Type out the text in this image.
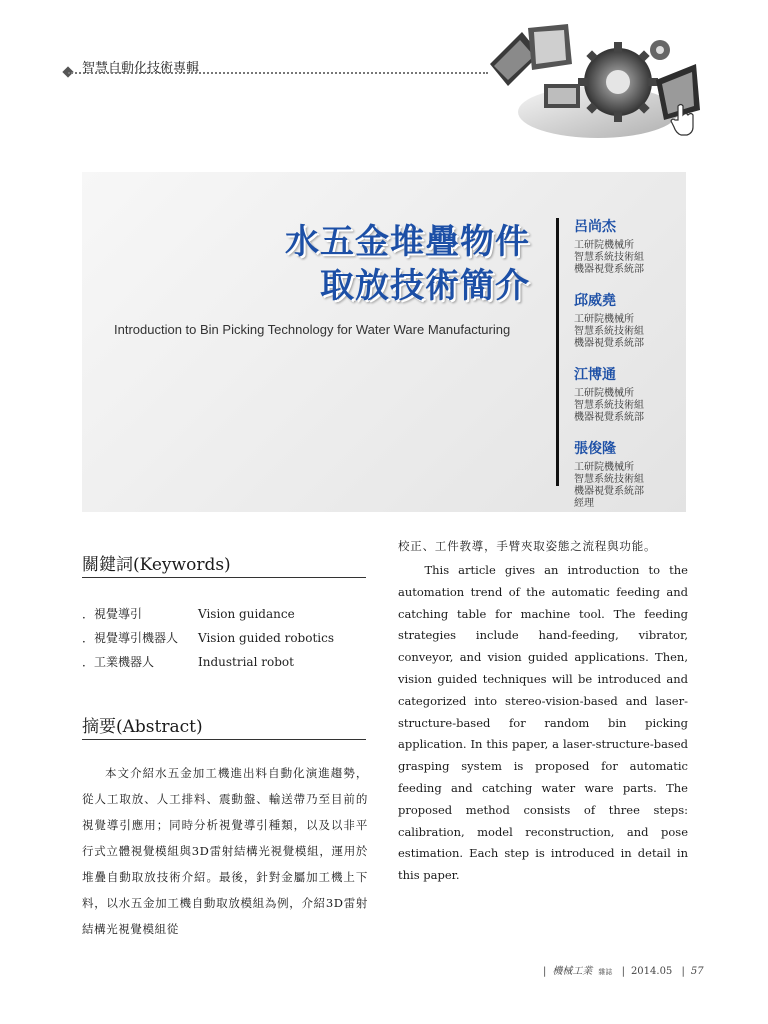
智慧自動化技術專輯
水五金堆疊物件
取放技術簡介
Introduction to Bin Picking Technology for Water Ware Manufacturing
呂尚杰
工研院機械所
智慧系統技術組
機器視覺系統部
邱威堯
工研院機械所
智慧系統技術組
機器視覺系統部
江博通
工研院機械所
智慧系統技術組
機器視覺系統部
張俊隆
工研院機械所
智慧系統技術組
機器視覺系統部
經理
關鍵詞(Keywords)
．視覺導引	Vision guidance
．視覺導引機器人	Vision guided robotics
．工業機器人	Industrial robot
摘要(Abstract)
本文介紹水五金加工機進出料自動化演進趨勢，從人工取放、人工排料、震動盤、輸送帶乃至目前的視覺導引應用；同時分析視覺導引種類，以及以非平行式立體視覺模組與3D雷射結構光視覺模組，運用於堆疊自動取放技術介紹。最後，針對金屬加工機上下料，以水五金加工機自動取放模組為例，介紹3D雷射結構光視覺模組從
校正、工件教導，手臂夾取姿態之流程與功能。
This article gives an introduction to the automation trend of the automatic feeding and catching table for machine tool. The feeding strategies include hand-feeding, vibrator, conveyor, and vision guided applications. Then, vision guided techniques will be introduced and categorized into stereo-vision-based and laser-structure-based for random bin picking application. In this paper, a laser-structure-based grasping system is proposed for automatic feeding and catching water ware parts. The proposed method consists of three steps: calibration, model reconstruction, and pose estimation. Each step is introduced in detail in this paper.
| 機械工業 雜誌 | 2014.05 | 57
